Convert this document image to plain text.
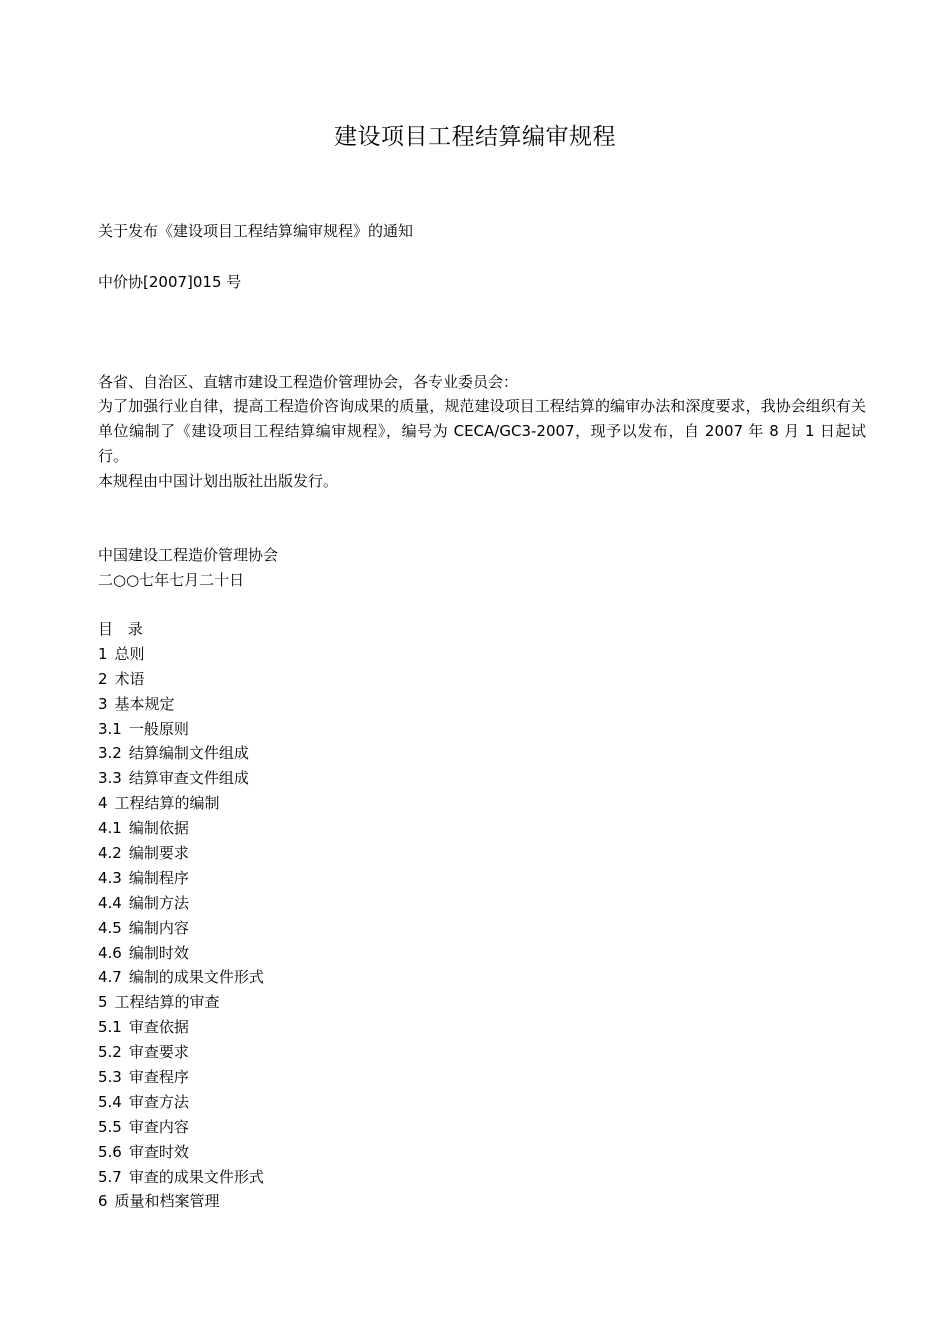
建设项目工程结算编审规程
关于发布《建设项目工程结算编审规程》的通知
中价协[2007]015 号
各省、自治区、直辖市建设工程造价管理协会，各专业委员会：
为了加强行业自律，提高工程造价咨询成果的质量，规范建设项目工程结算的编审办法和深度要求，我协会组织有关单位编制了《建设项目工程结算编审规程》，编号为 CECA/GC3-2007，现予以发布，自 2007 年 8 月 1 日起试行。
本规程由中国计划出版社出版发行。
中国建设工程造价管理协会
二○○七年七月二十日
目 录
1 总则
2 术语
3 基本规定
3.1 一般原则
3.2 结算编制文件组成
3.3 结算审查文件组成
4 工程结算的编制
4.1 编制依据
4.2 编制要求
4.3 编制程序
4.4 编制方法
4.5 编制内容
4.6 编制时效
4.7 编制的成果文件形式
5 工程结算的审查
5.1 审查依据
5.2 审查要求
5.3 审查程序
5.4 审查方法
5.5 审查内容
5.6 审查时效
5.7 审查的成果文件形式
6 质量和档案管理
